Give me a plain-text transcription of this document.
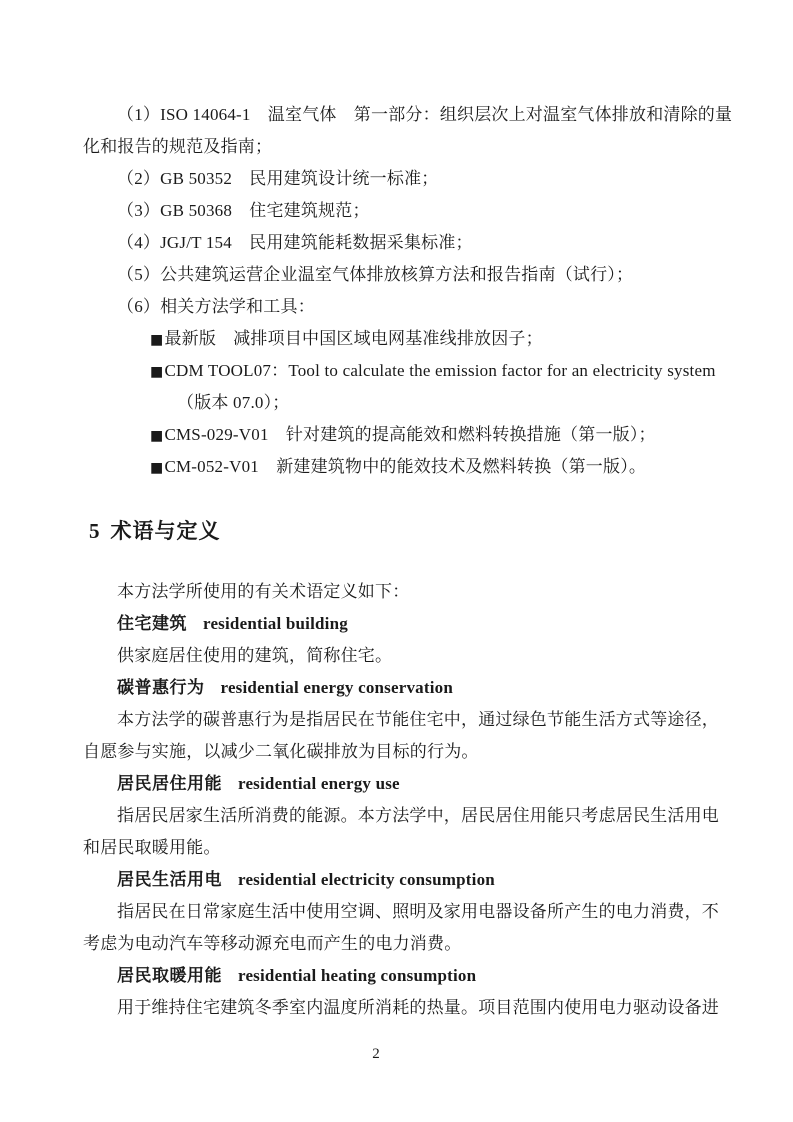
（1）ISO 14064-1　温室气体　第一部分：组织层次上对温室气体排放和清除的量
化和报告的规范及指南；
（2）GB 50352　民用建筑设计统一标准；
（3）GB 50368　住宅建筑规范；
（4）JGJ/T 154　民用建筑能耗数据采集标准；
（5）公共建筑运营企业温室气体排放核算方法和报告指南（试行）；
（6）相关方法学和工具：
■最新版　减排项目中国区域电网基准线排放因子；
■CDM TOOL07：Tool to calculate the emission factor for an electricity system
（版本 07.0）；
■CMS-029-V01　针对建筑的提高能效和燃料转换措施（第一版）；
■CM-052-V01　新建建筑物中的能效技术及燃料转换（第一版）。
5 术语与定义
本方法学所使用的有关术语定义如下：
住宅建筑 residential building
供家庭居住使用的建筑，简称住宅。
碳普惠行为 residential energy conservation
本方法学的碳普惠行为是指居民在节能住宅中，通过绿色节能生活方式等途径，
自愿参与实施，以减少二氧化碳排放为目标的行为。
居民居住用能 residential energy use
指居民居家生活所消费的能源。本方法学中，居民居住用能只考虑居民生活用电
和居民取暖用能。
居民生活用电 residential electricity consumption
指居民在日常家庭生活中使用空调、照明及家用电器设备所产生的电力消费，不
考虑为电动汽车等移动源充电而产生的电力消费。
居民取暖用能 residential heating consumption
用于维持住宅建筑冬季室内温度所消耗的热量。项目范围内使用电力驱动设备进
2
